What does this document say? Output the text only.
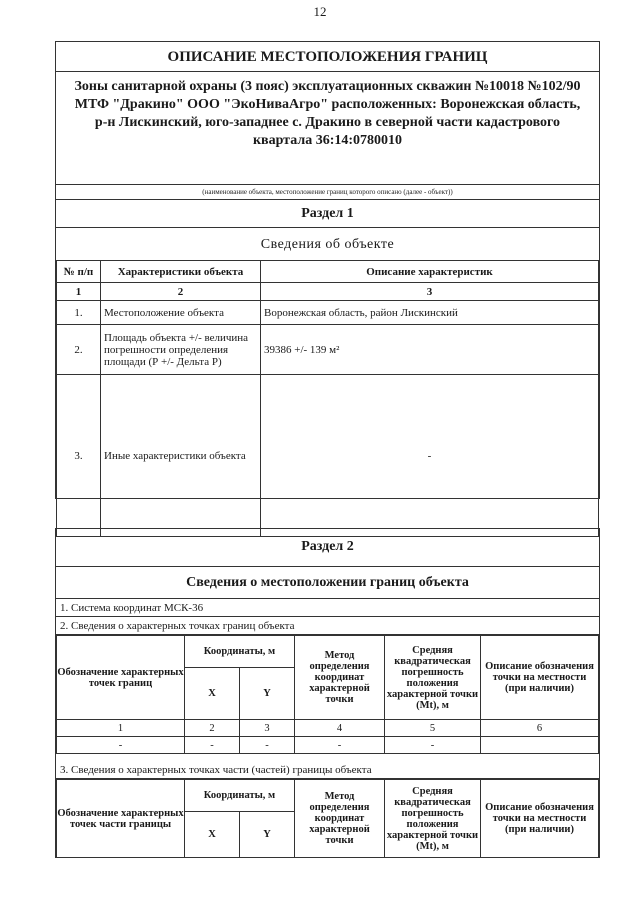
12
ОПИСАНИЕ МЕСТОПОЛОЖЕНИЯ ГРАНИЦ
Зоны санитарной охраны (3 пояс) эксплуатационных скважин №10018 №102/90
МТФ "Дракино" ООО "ЭкоНиваАгро" расположенных: Воронежская область,
р-н Лискинский, юго-западнее с. Дракино в северной части кадастрового
квартала 36:14:0780010
(наименование объекта, местоположение границ которого описано (далее - объект))
Раздел 1
Сведения об объекте
№ п/п	Характеристики объекта	Описание характеристик
1	2	3
1.	Местоположение объекта	Воронежская область, район Лискинский
2.	Площадь объекта +/- величина погрешности определения площади (Р +/- Дельта Р)	39386 +/- 139 м²
3.	Иные характеристики объекта	-
Раздел 2
Сведения о местоположении границ объекта
1. Система координат МСК-36
2. Сведения о характерных точках границ объекта
Обозначение характерных точек границ	Координаты, м		Метод определения координат характерной точки	Средняя квадратическая погрешность положения характерной точки (Mt), м	Описание обозначения точки на местности (при наличии)
	X	Y			
1	2	3	4	5	6
-	-	-	-	-	
3. Сведения о характерных точках части (частей) границы объекта
Обозначение характерных точек части границы	Координаты, м		Метод определения координат характерной точки	Средняя квадратическая погрешность положения характерной точки (Mt), м	Описание обозначения точки на местности (при наличии)
	X	Y			
